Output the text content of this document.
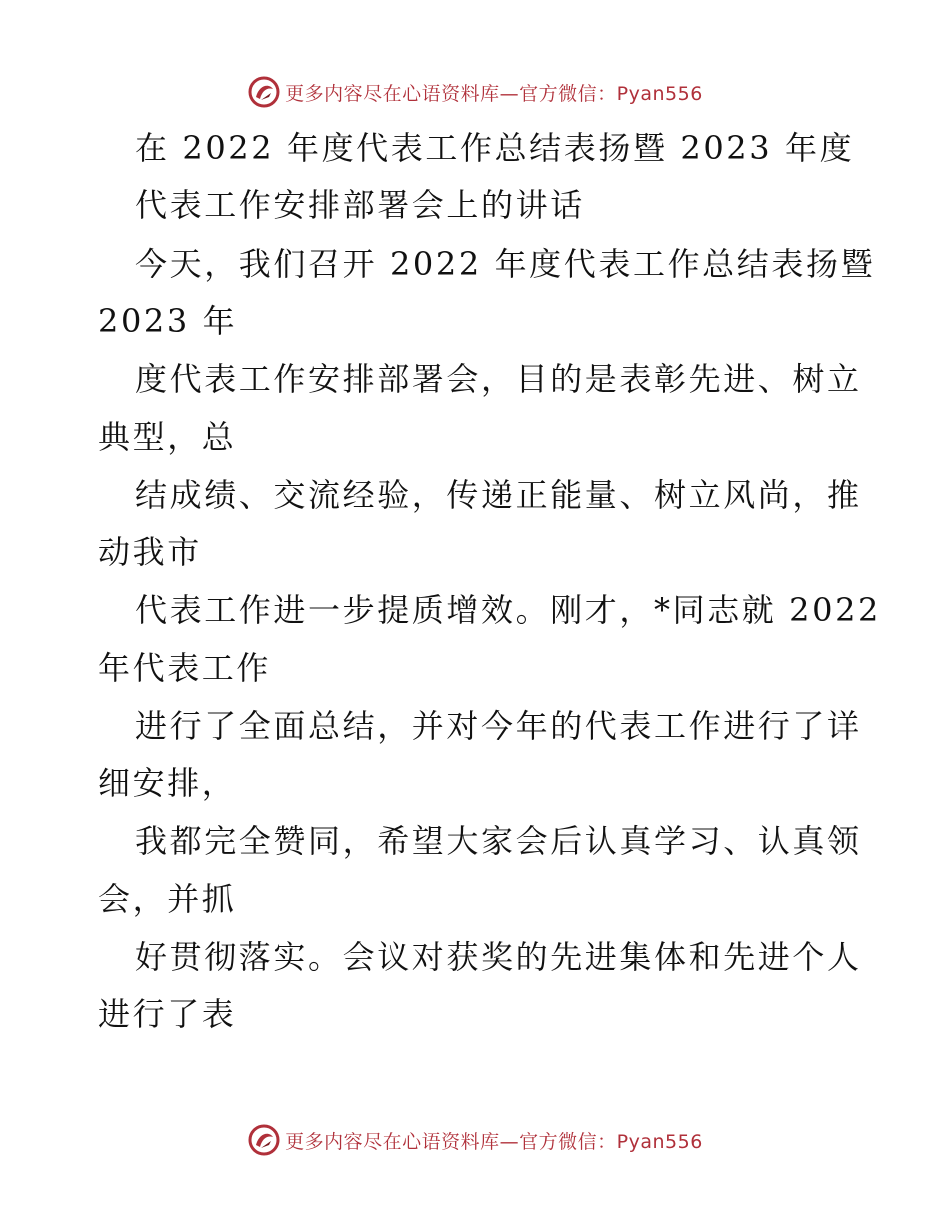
更多内容尽在心语资料库—官方微信：Pyan556
在 2022 年度代表工作总结表扬暨 2023 年度
代表工作安排部署会上的讲话
今天，我们召开 2022 年度代表工作总结表扬暨
2023 年
度代表工作安排部署会，目的是表彰先进、树立
典型，总
结成绩、交流经验，传递正能量、树立风尚，推
动我市
代表工作进一步提质增效。刚才，*同志就 2022
年代表工作
进行了全面总结，并对今年的代表工作进行了详
细安排，
我都完全赞同，希望大家会后认真学习、认真领
会，并抓
好贯彻落实。会议对获奖的先进集体和先进个人
进行了表
更多内容尽在心语资料库—官方微信：Pyan556
